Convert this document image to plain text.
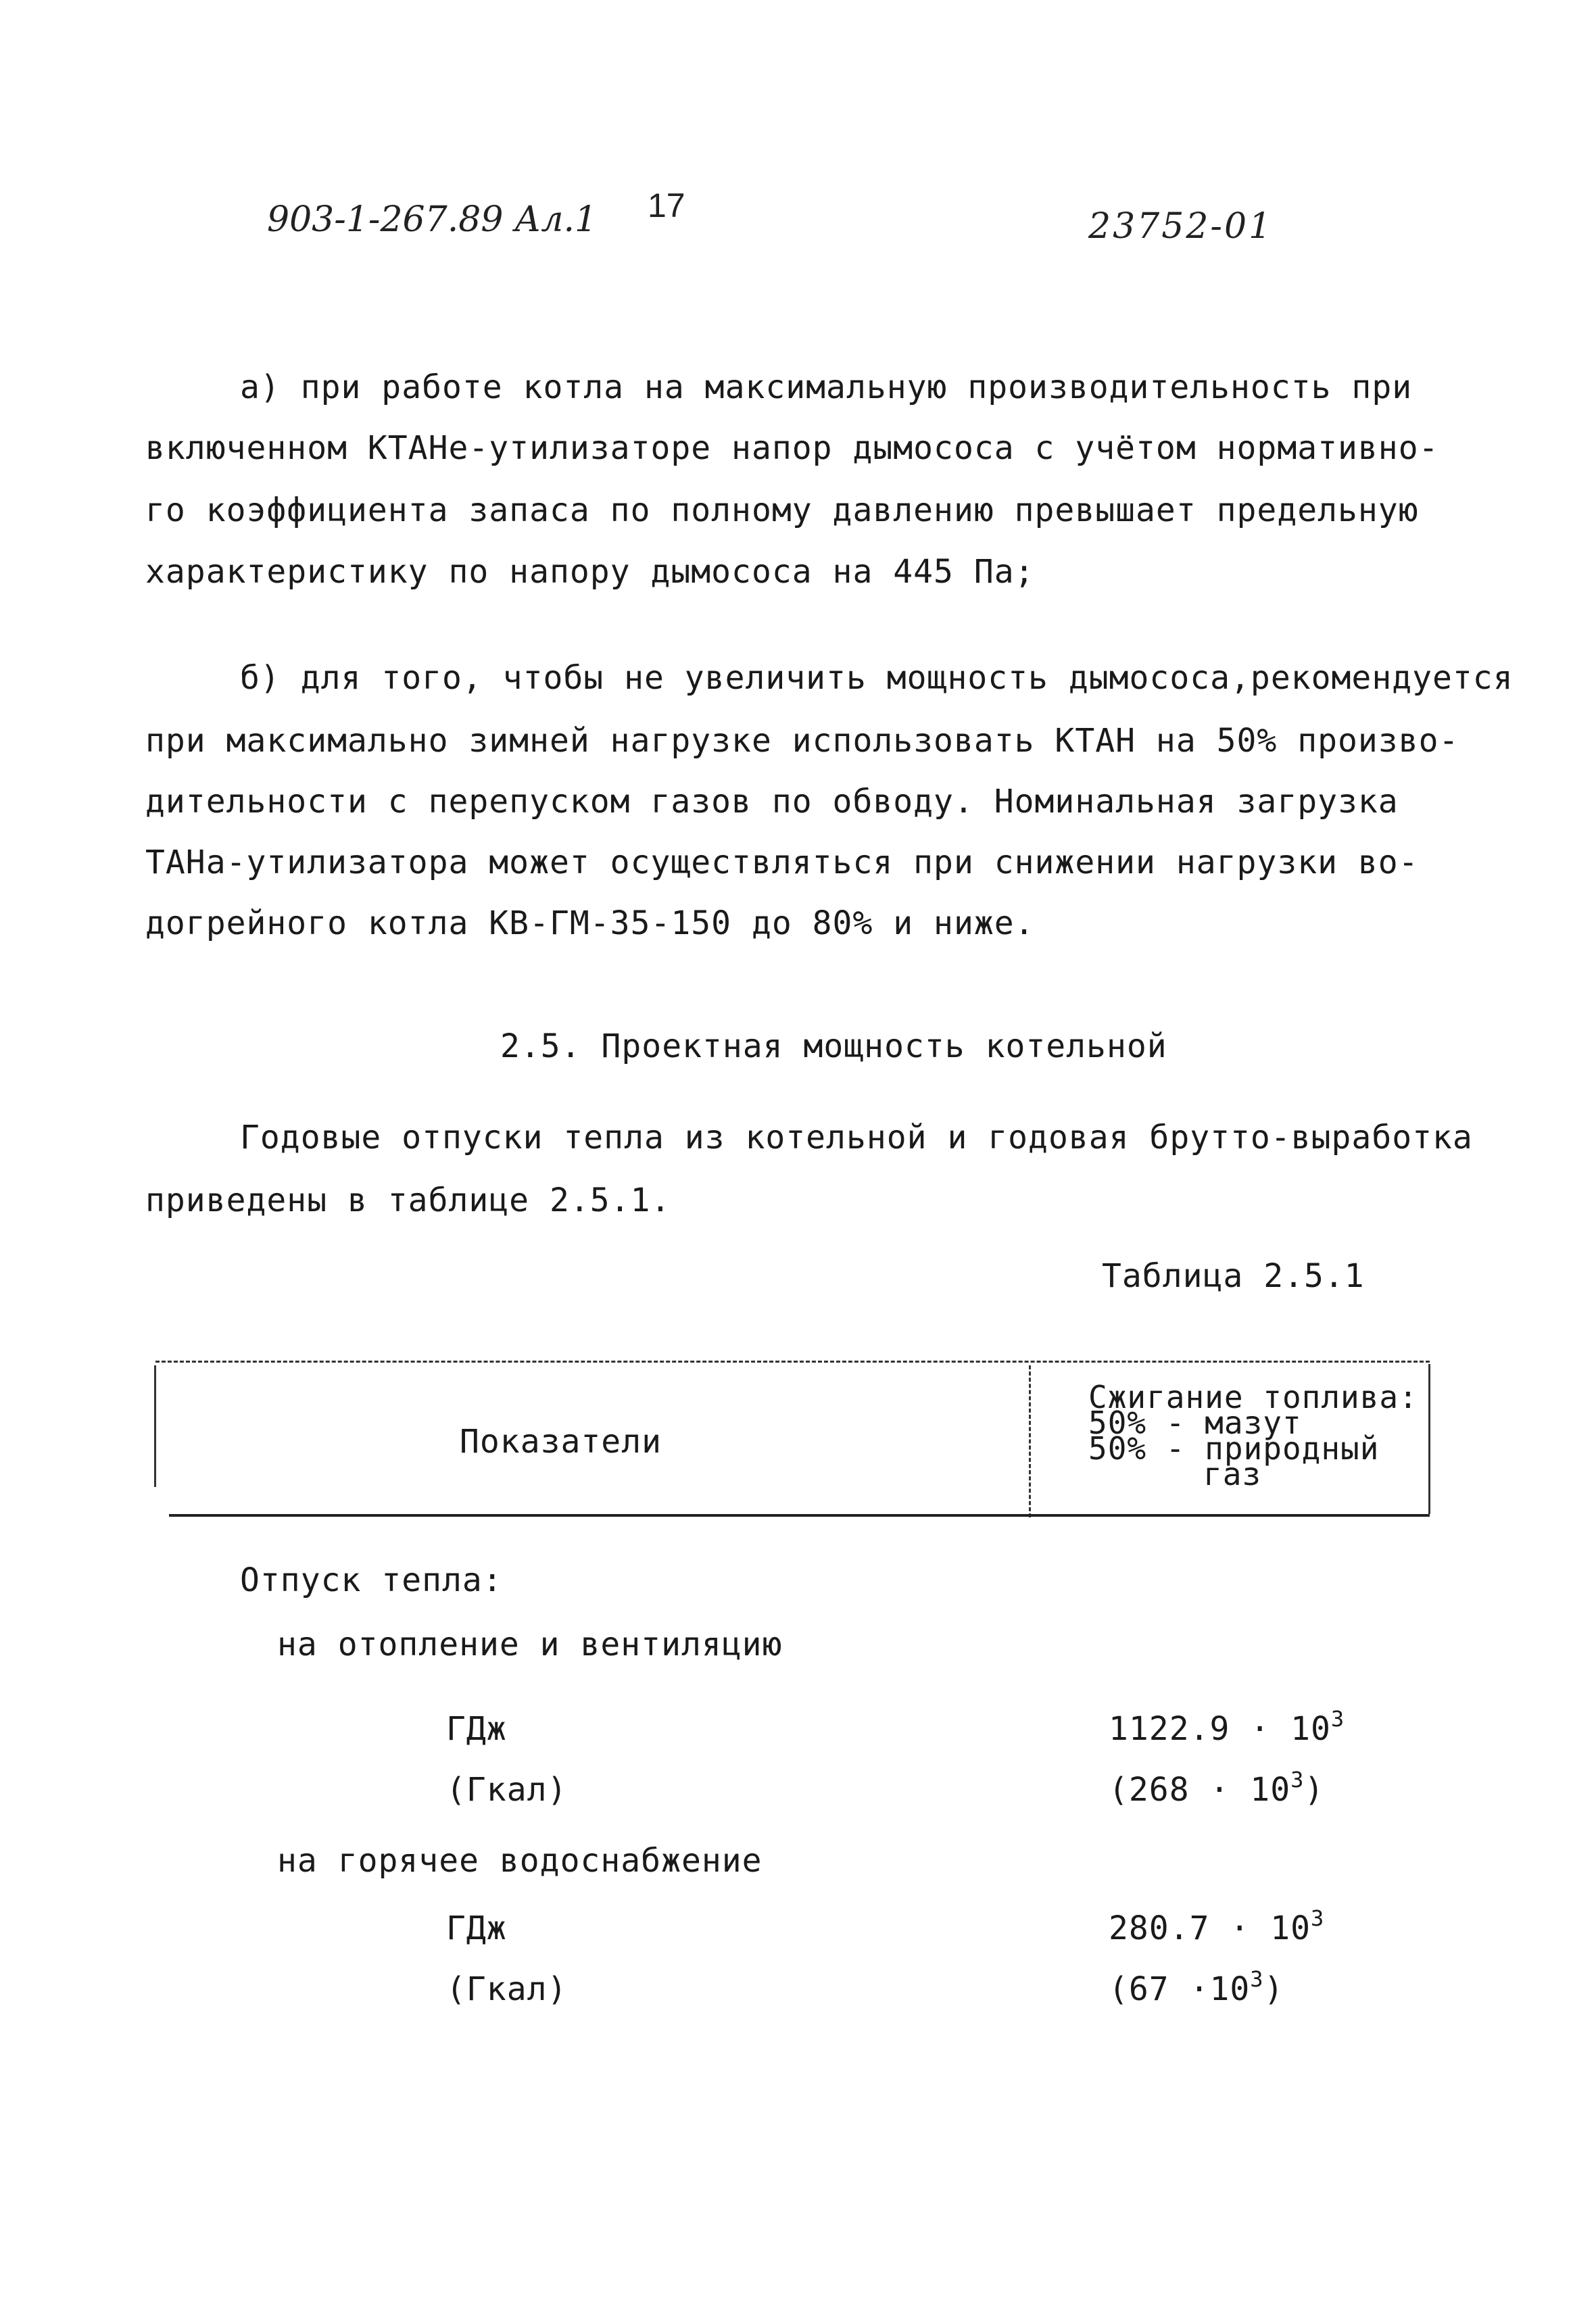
903-1-267.89 Ал.1 17
23752-01
а) при работе котла на максимальную производительность при
включенном КТАНе-утилизаторе напор дымососа с учётом нормативно-
го коэффициента запаса по полному давлению превышает предельную
характеристику по напору дымососа на 445 Па;
б) для того, чтобы не увеличить мощность дымососа,рекомендуется
при максимально зимней нагрузке использовать КТАН на 50% произво-
дительности с перепуском газов по обводу. Номинальная загрузка
ТАНа-утилизатора может осуществляться при снижении нагрузки во-
догрейного котла КВ-ГМ-35-150 до 80% и ниже.
2.5. Проектная мощность котельной
Годовые отпуски тепла из котельной и годовая брутто-выработка
приведены в таблице 2.5.1.
Таблица 2.5.1
Показатели
Сжигание топлива:
50% - мазут
50% - природный
газ
Отпуск тепла:
на отопление и вентиляцию
ГДж	$1122.9 \cdot 10^3$
(Гкал)	$(268 \cdot 10^3)$
на горячее водоснабжение
ГДж	$280.7 \cdot 10^3$
(Гкал)	$(67 \cdot 10^3)$
